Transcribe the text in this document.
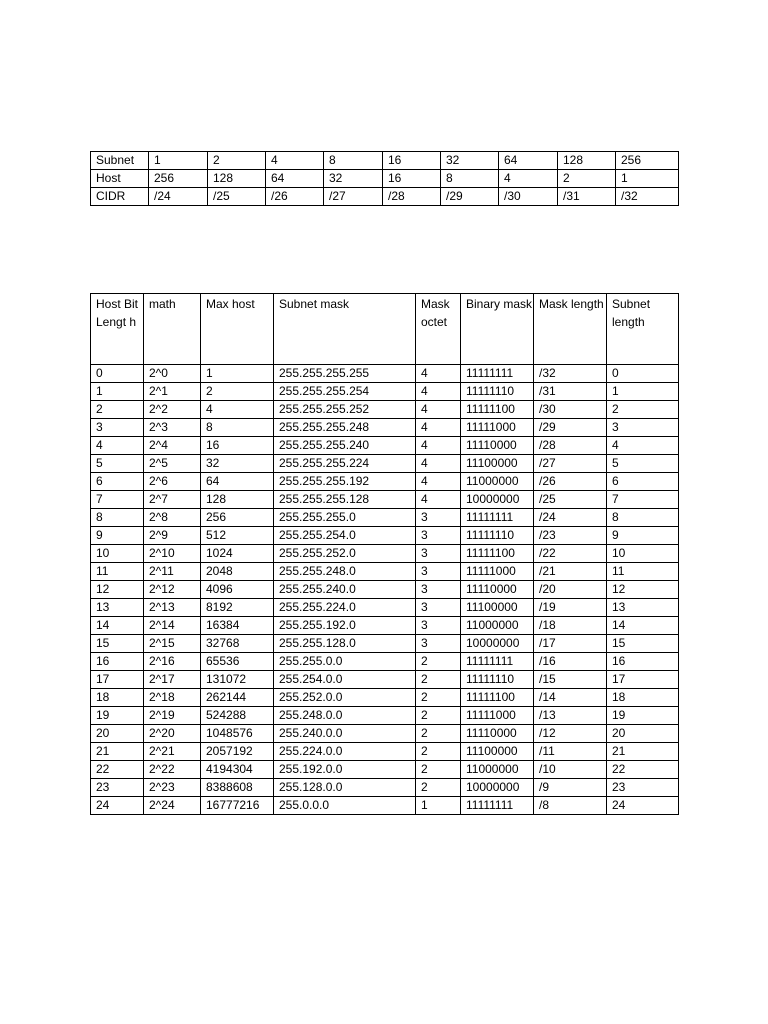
Subnet	1	2	4	8	16	32	64	128	256
Host	256	128	64	32	16	8	4	2	1
CIDR	/24	/25	/26	/27	/28	/29	/30	/31	/32
Host Bit Lengt h	math	Max host	Subnet mask	Mask octet	Binary mask	Mask length	Subnet length
0	2^0	1	255.255.255.255	4	11111111	/32	0
1	2^1	2	255.255.255.254	4	11111110	/31	1
2	2^2	4	255.255.255.252	4	11111100	/30	2
3	2^3	8	255.255.255.248	4	11111000	/29	3
4	2^4	16	255.255.255.240	4	11110000	/28	4
5	2^5	32	255.255.255.224	4	11100000	/27	5
6	2^6	64	255.255.255.192	4	11000000	/26	6
7	2^7	128	255.255.255.128	4	10000000	/25	7
8	2^8	256	255.255.255.0	3	11111111	/24	8
9	2^9	512	255.255.254.0	3	11111110	/23	9
10	2^10	1024	255.255.252.0	3	11111100	/22	10
11	2^11	2048	255.255.248.0	3	11111000	/21	11
12	2^12	4096	255.255.240.0	3	11110000	/20	12
13	2^13	8192	255.255.224.0	3	11100000	/19	13
14	2^14	16384	255.255.192.0	3	11000000	/18	14
15	2^15	32768	255.255.128.0	3	10000000	/17	15
16	2^16	65536	255.255.0.0	2	11111111	/16	16
17	2^17	131072	255.254.0.0	2	11111110	/15	17
18	2^18	262144	255.252.0.0	2	11111100	/14	18
19	2^19	524288	255.248.0.0	2	11111000	/13	19
20	2^20	1048576	255.240.0.0	2	11110000	/12	20
21	2^21	2057192	255.224.0.0	2	11100000	/11	21
22	2^22	4194304	255.192.0.0	2	11000000	/10	22
23	2^23	8388608	255.128.0.0	2	10000000	/9	23
24	2^24	16777216	255.0.0.0	1	11111111	/8	24
